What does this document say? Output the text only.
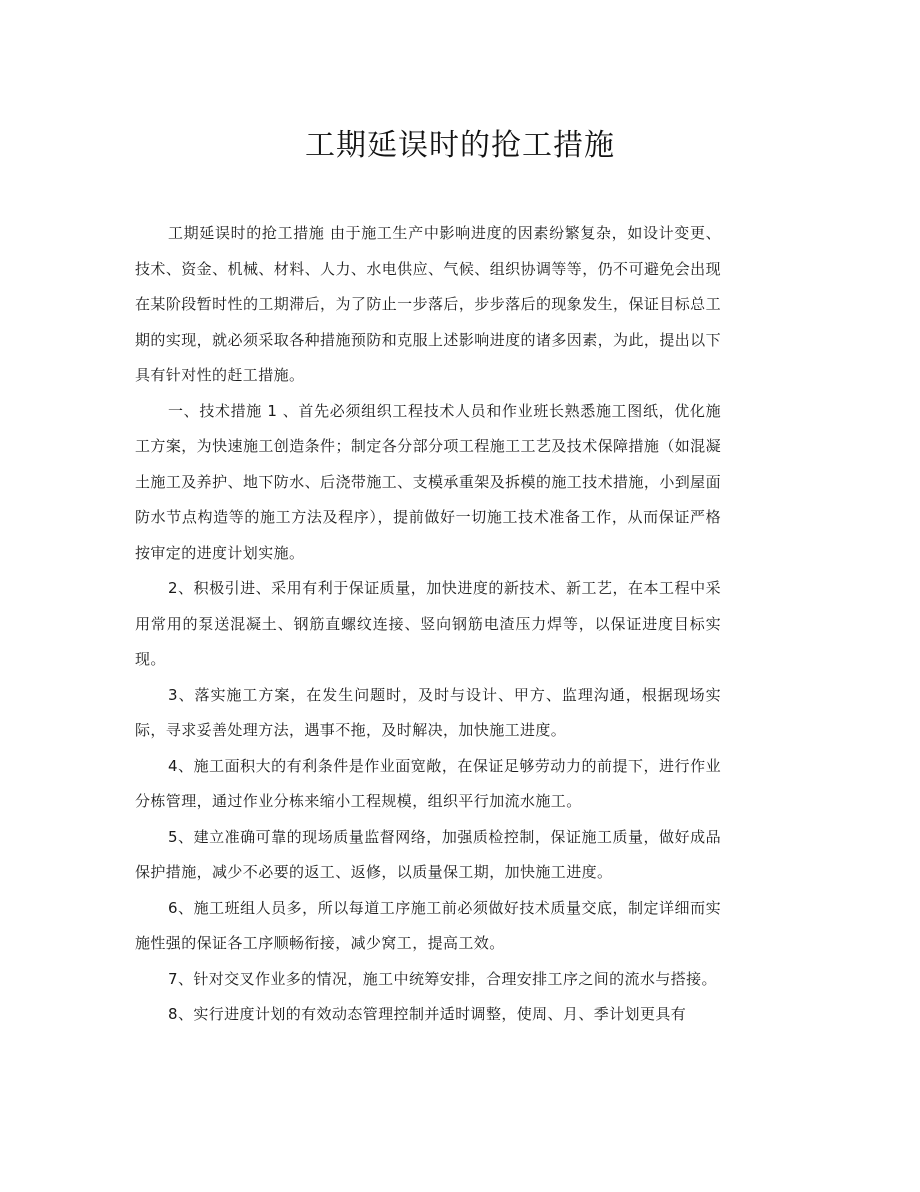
工期延误时的抢工措施

工期延误时的抢工措施 由于施工生产中影响进度的因素纷繁复杂，如设计变更、技术、资金、机械、材料、人力、水电供应、气候、组织协调等等，仍不可避免会出现在某阶段暂时性的工期滞后，为了防止一步落后，步步落后的现象发生，保证目标总工期的实现，就必须采取各种措施预防和克服上述影响进度的诸多因素，为此，提出以下具有针对性的赶工措施。

一、技术措施 1 、首先必须组织工程技术人员和作业班长熟悉施工图纸，优化施工方案，为快速施工创造条件；制定各分部分项工程施工工艺及技术保障措施（如混凝土施工及养护、地下防水、后浇带施工、支模承重架及拆模的施工技术措施，小到屋面防水节点构造等的施工方法及程序），提前做好一切施工技术准备工作，从而保证严格按审定的进度计划实施。

2、积极引进、采用有利于保证质量，加快进度的新技术、新工艺，在本工程中采用常用的泵送混凝土、钢筋直螺纹连接、竖向钢筋电渣压力焊等，以保证进度目标实现。

3、落实施工方案，在发生问题时，及时与设计、甲方、监理沟通，根据现场实际，寻求妥善处理方法，遇事不拖，及时解决，加快施工进度。

4、施工面积大的有利条件是作业面宽敞，在保证足够劳动力的前提下，进行作业分栋管理，通过作业分栋来缩小工程规模，组织平行加流水施工。

5、建立准确可靠的现场质量监督网络，加强质检控制，保证施工质量，做好成品保护措施，减少不必要的返工、返修，以质量保工期，加快施工进度。

6、施工班组人员多，所以每道工序施工前必须做好技术质量交底，制定详细而实施性强的保证各工序顺畅衔接，减少窝工，提高工效。

7、针对交叉作业多的情况，施工中统筹安排，合理安排工序之间的流水与搭接。

8、实行进度计划的有效动态管理控制并适时调整，使周、月、季计划更具有
